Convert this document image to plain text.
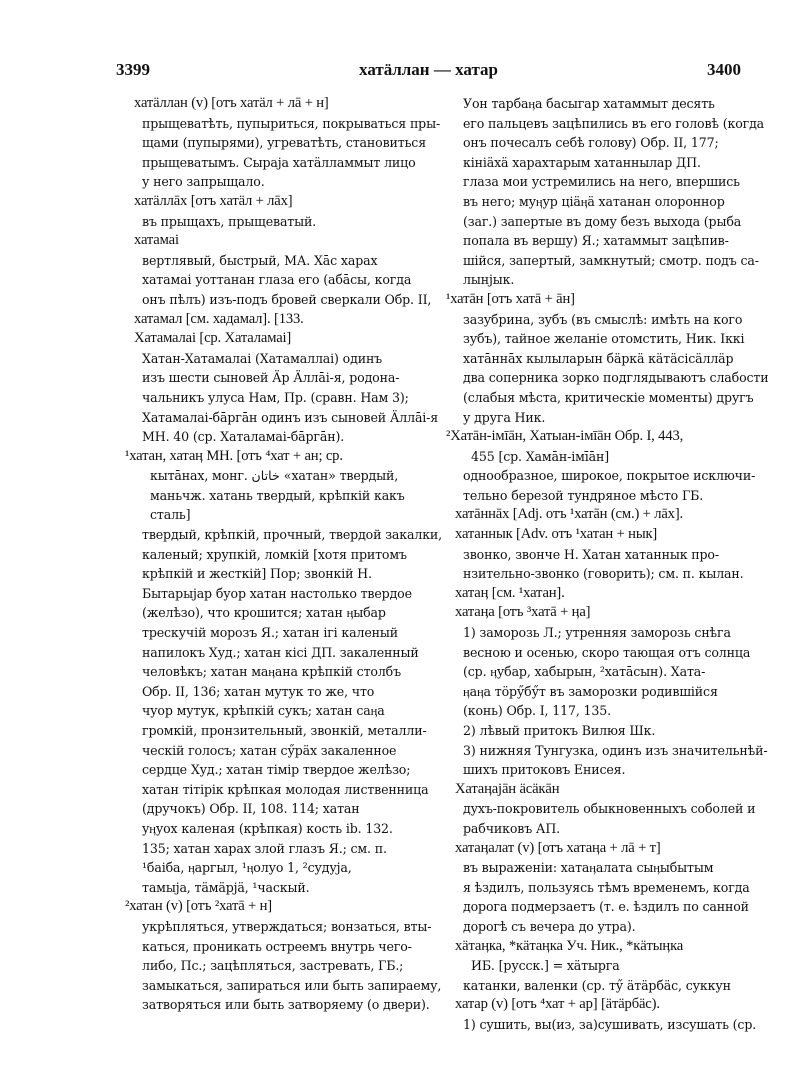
3399	хатӓллан — хатар	3400
хатӓллан (v) [отъ хатӓл + лā + н]
прыщеватѣть, пупыриться, покрываться пры-
щами (пупырями), угреватѣть, становиться
прыщеватымъ. Сыраја хатӓлламмыт лицо
у него запрыщало.
хатӓллāх [отъ хатӓл + лāх]
въ прыщахъ, прыщеватый.
хатамаі
вертлявый, быстрый, МА. Хāс харах
хатамаі уоттанан глаза его (абāсы, когда
онъ пѣлъ) изъ-подъ бровей сверкали Обр. II,
хатамал [см. хадамал]. [133.
Хатамалаі [ср. Хаталамаі]
Хатан-Хатамалаі (Хатамаллаі) одинъ
изъ шести сыновей Ӓр Ӓллāі-я, родона-
чальникъ улуса Нам, Пр. (сравн. Нам 3);
Хатамалаі-бāргāн одинъ изъ сыновей Ӓллāі-я
МН. 40 (ср. Хаталамаі-бāргāн).
¹хатан, хатаӊ МН. [отъ ⁴хат + ан; ср.
кытāнах, монг. ﺧﺎﺗﺎﻥ «хатан» твердый,
маньчж. хатань твердый, крѣпкій какъ
сталь]
твердый, крѣпкій, прочный, твердой закалки,
каленый; хрупкій, ломкій [хотя притомъ
крѣпкій и жесткій] Пор; звонкій Н.
Бытарыјар буор хатан настолько твердое
(желѣзо), что крошится; хатан ӊыбар
трескучій морозъ Я.; хатан ігі каленый
напилокъ Худ.; хатан кісі ДП. закаленный
человѣкъ; хатан маӊана крѣпкій столбъ
Обр. II, 136; хатан мутук то же, что
чуор мутук, крѣпкій сукъ; хатан саӊа
громкій, пронзительный, звонкій, металли-
ческій голосъ; хатан сӳрӓх закаленное
сердце Худ.; хатан тімір твердое желѣзо;
хатан тітірік крѣпкая молодая лиственница
(дручокъ) Обр. II, 108. 114; хатан
уӊуох каленая (крѣпкая) кость ib. 132.
135; хатан харах злой глазъ Я.; см. п.
¹баіба, ӊаргыл, ¹ӊолуо 1, ²судуја,
тамыја, тӓмӓрјӓ, ¹часкый.
²хатан (v) [отъ ²хатā + н]
укрѣпляться, утверждаться; вонзаться, вты-
каться, проникать остреемъ внутрь чего-
либо, Пс.; зацѣпляться, застревать, ГБ.;
замыкаться, запираться или быть запираему,
затворяться или быть затворяему (о двери).
Уон тарбаӊа басыгар хатаммыт десять
его пальцевъ зацѣпились въ его головѣ (когда
онъ почесалъ себѣ голову) Обр. II, 177;
кініӓхӓ харахтарым хатаннылар ДП.
глаза мои устремились на него, впершись
въ него; муӊур ціӓӊӓ хатанан олороннор
(заг.) запертые въ дому безъ выхода (рыба
попала въ вершу) Я.; хатаммыт зацѣпив-
шійся, запертый, замкнутый; смотр. подъ са-
лынјык.
¹хатāн [отъ хатā + āн]
зазубрина, зубъ (въ смыслѣ: имѣть на кого
зубъ), тайное желаніе отомстить, Ник. Іккі
хатāннāх кылыларын бӓркӓ кӓтӓсісӓллӓр
два соперника зорко подглядываютъ слабости
(слабыя мѣста, критическіе моменты) другъ
у друга Ник.
²Хатāн-імīāн, Хатыан-імīāн Обр. I, 443,
455 [ср. Хамāн-імīāн]
однообразное, широкое, покрытое исключи-
тельно березой тундряное мѣсто ГБ.
хатāннāх [Adj. отъ ¹хатāн (см.) + лāх].
хатаннык [Adv. отъ ¹хатан + нык]
звонко, звонче Н. Хатан хатаннык про-
нзительно-звонко (говорить); см. п. кылан.
хатаӊ [см. ¹хатан].
хатаӊа [отъ ³хатā + ӊа]
1) заморозь Л.; утренняя заморозь снѣга
весною и осенью, скоро тающая отъ солнца
(ср. ӊубар, хабырын, ²хатāсын). Хата-
ӊаӊа тӧрӳбӳт въ заморозки родившійся
(конь) Обр. I, 117, 135.
2) лѣвый притокъ Вилюя Шк.
3) нижняя Тунгузка, одинъ изъ значительнѣй-
шихъ притоковъ Енисея.
Хатаӊајāн ӓсӓкāн
духъ-покровитель обыкновенныхъ соболей и
рабчиковъ АП.
хатаӊалат (v) [отъ хатаӊа + лā + т]
въ выраженіи: хатаӊалата сыӊыбытым
я ѣздилъ, пользуясь тѣмъ временемъ, когда
дорога подмерзаетъ (т. е. ѣздилъ по санной
дорогѣ съ вечера до утра).
хӓтаӊка, *кӓтаӊка Уч. Ник., *кӓтыӊка
ИБ. [русск.] = хӓтырга
катанки, валенки (ср. тӳ ӓтӓрбӓс, суккун
хатар (v) [отъ ⁴хат + ар] [ӓтӓрбӓс).
1) сушить, вы(из, за)сушивать, изсушать (ср.
